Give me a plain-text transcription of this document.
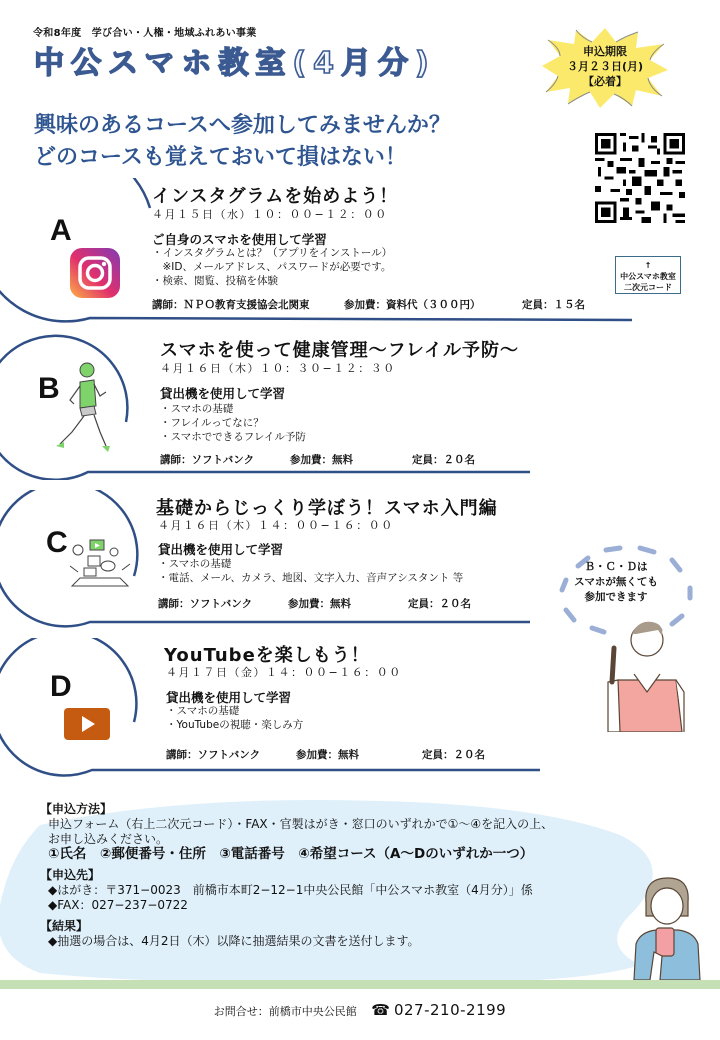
令和8年度　学び合い・人権・地域ふれあい事業
中公スマホ教室(4月分)	申込期限
３月２３日(月)
【必着】
↑
中公スマホ教室
二次元コード
興味のあるコースへ参加してみませんか？
どのコースも覚えておいて損はない！
A
インスタグラムを始めよう！
４月１５日（水）１０：００−１２：００
ご自身のスマホを使用して学習
・インスタグラムとは？（アプリをインストール）
　※ID、メールアドレス、パスワードが必要です。
・検索、閲覧、投稿を体験
講師：ＮＰＯ教育支援協会北関東	参加費：資料代（３００円）	定員：１５名
B
スマホを使って健康管理〜フレイル予防〜
４月１６日（木）１０：３０−１２：３０
貸出機を使用して学習
・スマホの基礎
・フレイルってなに？
・スマホでできるフレイル予防
講師：ソフトバンク	参加費：無料	定員：２０名
C
基礎からじっくり学ぼう！スマホ入門編
４月１６日（木）１４：００−１６：００
貸出機を使用して学習
・スマホの基礎
・電話、メール、カメラ、地図、文字入力、音声アシスタント 等
講師：ソフトバンク	参加費：無料	定員：２０名
D
YouTubeを楽しもう！
４月１７日（金）１４：００−１６：００
貸出機を使用して学習
・スマホの基礎
・YouTubeの視聴・楽しみ方
講師：ソフトバンク	参加費：無料	定員：２０名
Ｂ・Ｃ・Ｄは
スマホが無くても
参加できます
【申込方法】
申込フォーム（右上二次元コード）・FAX・官製はがき・窓口のいずれかで①〜④を記入の上、
お申し込みください。
①氏名　②郵便番号・住所　③電話番号　④希望コース（A〜Dのいずれか一つ）
【申込先】
◆はがき：〒371−0023　前橋市本町2−12−1中央公民館「中公スマホ教室（4月分）」係
◆FAX：027−237−0722
【結果】
◆抽選の場合は、4月2日（木）以降に抽選結果の文書を送付します。
お問合せ：前橋市中央公民館　 ☎ 027-210-2199
